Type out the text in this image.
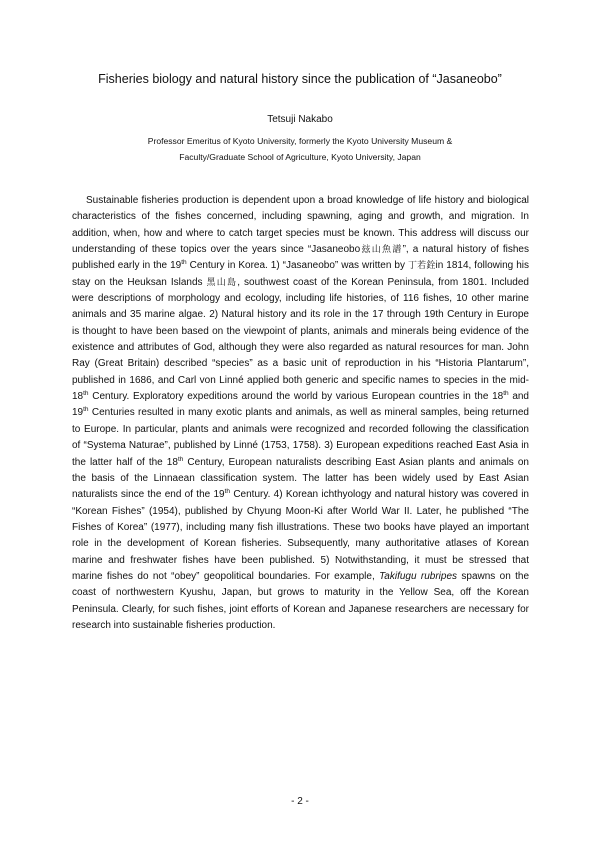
Fisheries biology and natural history since the publication of “Jasaneobo”
Tetsuji Nakabo
Professor Emeritus of Kyoto University, formerly the Kyoto University Museum &
Faculty/Graduate School of Agriculture, Kyoto University, Japan
Sustainable fisheries production is dependent upon a broad knowledge of life history and biological
characteristics of the fishes concerned, including spawning, aging and growth, and migration. In
addition, when, how and where to catch target species must be known. This address will discuss our
understanding of these topics over the years since “Jasaneobo玆山魚譜”, a natural history of fishes
published early in the 19th Century in Korea. 1) “Jasaneobo” was written by 丁若銓in 1814, following his
stay on the Heuksan Islands 黑山島, southwest coast of the Korean Peninsula, from 1801. Included
were descriptions of morphology and ecology, including life histories, of 116 fishes, 10 other marine
animals and 35 marine algae. 2) Natural history and its role in the 17 through 19th Century in Europe
is thought to have been based on the viewpoint of plants, animals and minerals being evidence of the
existence and attributes of God, although they were also regarded as natural resources for man. John
Ray (Great Britain) described “species” as a basic unit of reproduction in his “Historia Plantarum”,
published in 1686, and Carl von Linné applied both generic and specific names to species in the mid-
18th Century. Exploratory expeditions around the world by various European countries in the 18th and
19th Centuries resulted in many exotic plants and animals, as well as mineral samples, being returned
to Europe. In particular, plants and animals were recognized and recorded following the classification
of “Systema Naturae”, published by Linné (1753, 1758). 3) European expeditions reached East Asia in
the latter half of the 18th Century, European naturalists describing East Asian plants and animals on
the basis of the Linnaean classification system. The latter has been widely used by East Asian
naturalists since the end of the 19th Century. 4) Korean ichthyology and natural history was covered in
“Korean Fishes” (1954), published by Chyung Moon-Ki after World War II. Later, he published “The
Fishes of Korea” (1977), including many fish illustrations. These two books have played an important
role in the development of Korean fisheries. Subsequently, many authoritative atlases of Korean
marine and freshwater fishes have been published. 5) Notwithstanding, it must be stressed that
marine fishes do not “obey” geopolitical boundaries. For example, Takifugu rubripes spawns on the
coast of northwestern Kyushu, Japan, but grows to maturity in the Yellow Sea, off the Korean
Peninsula. Clearly, for such fishes, joint efforts of Korean and Japanese researchers are necessary for
research into sustainable fisheries production.
- 2 -
